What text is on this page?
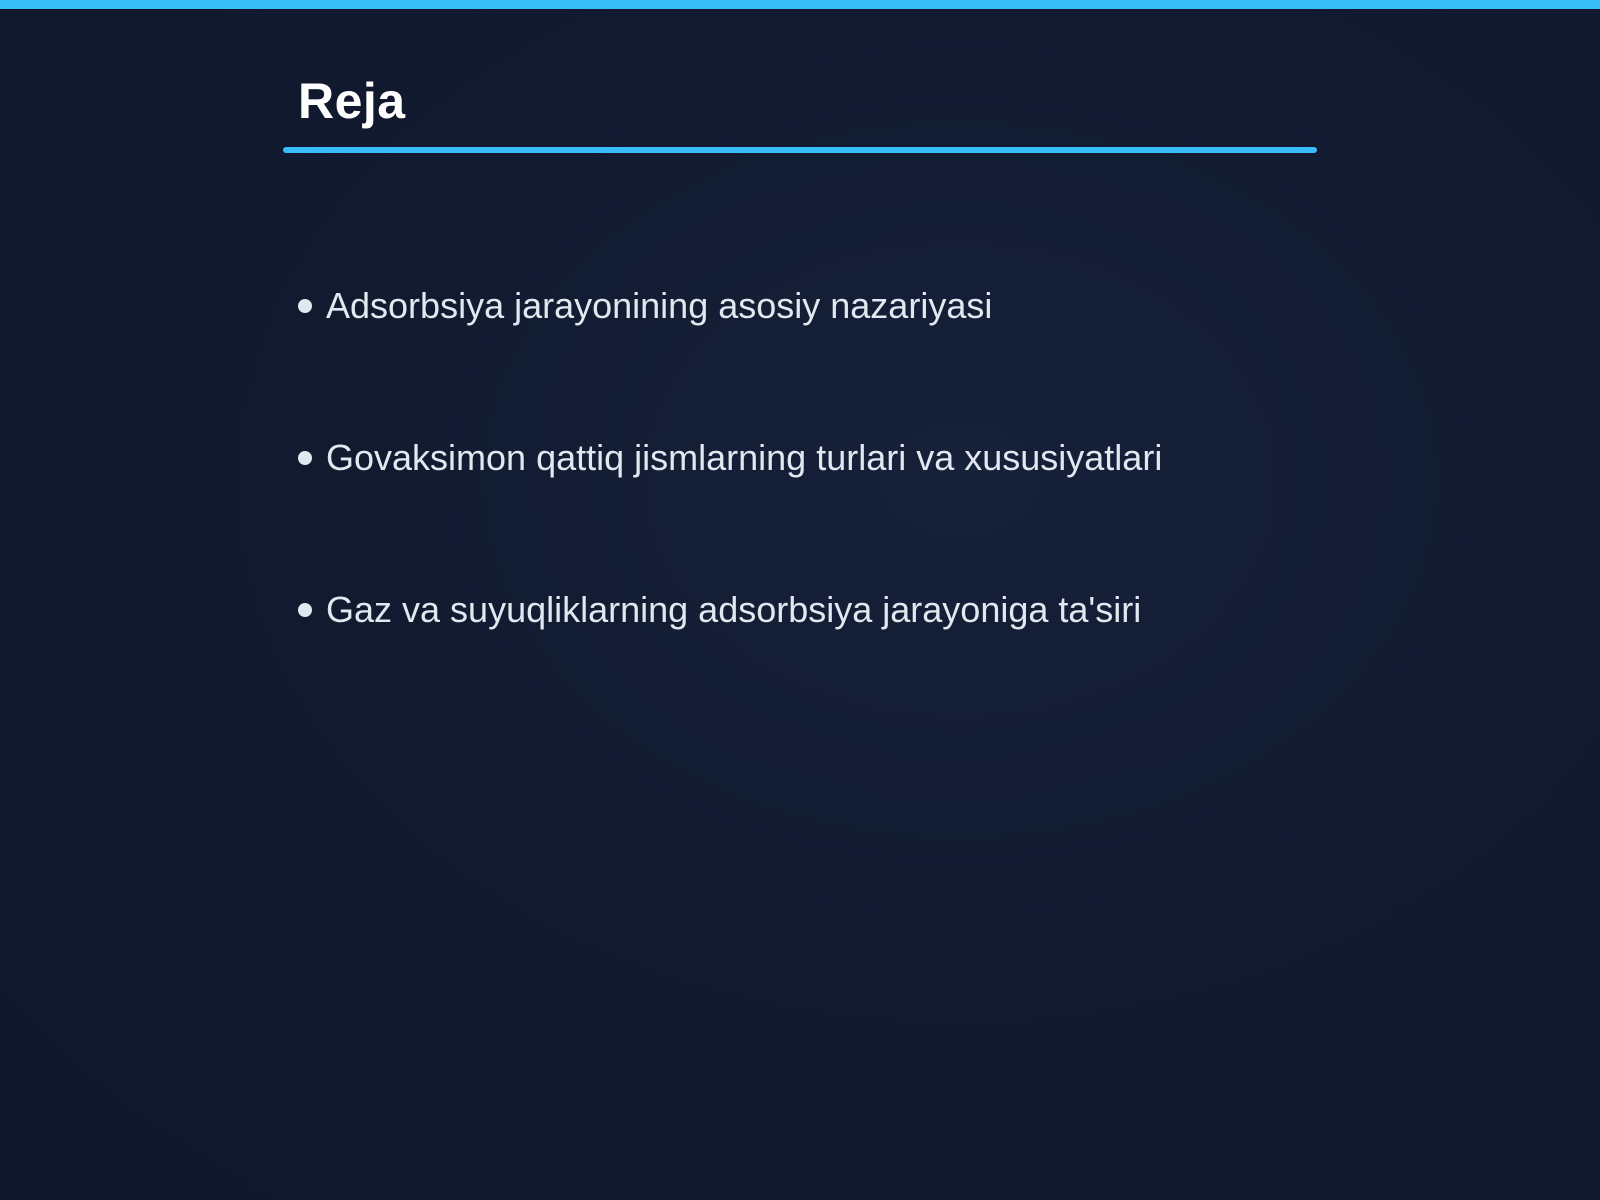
Reja
Adsorbsiya jarayonining asosiy nazariyasi
Govaksimon qattiq jismlarning turlari va xususiyatlari
Gaz va suyuqliklarning adsorbsiya jarayoniga ta'siri
